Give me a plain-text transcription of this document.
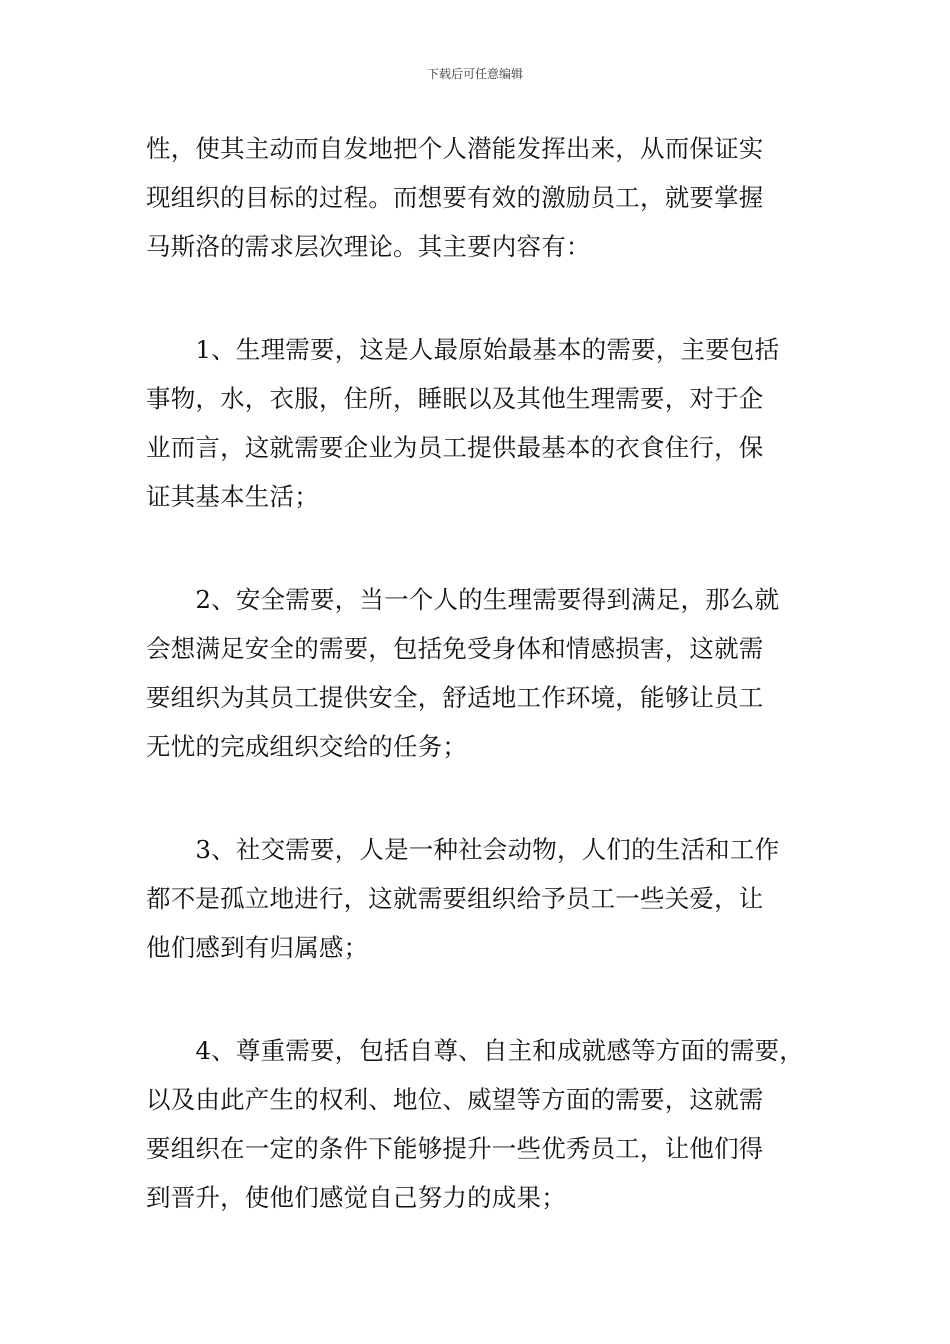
下载后可任意编辑
性，使其主动而自发地把个人潜能发挥出来，从而保证实
现组织的目标的过程。而想要有效的激励员工，就要掌握
马斯洛的需求层次理论。其主要内容有：
　　1、生理需要，这是人最原始最基本的需要，主要包括
事物，水，衣服，住所，睡眠以及其他生理需要，对于企
业而言，这就需要企业为员工提供最基本的衣食住行，保
证其基本生活；
　　2、安全需要，当一个人的生理需要得到满足，那么就
会想满足安全的需要，包括免受身体和情感损害，这就需
要组织为其员工提供安全，舒适地工作环境，能够让员工
无忧的完成组织交给的任务；
　　3、社交需要，人是一种社会动物，人们的生活和工作
都不是孤立地进行，这就需要组织给予员工一些关爱，让
他们感到有归属感；
　　4、尊重需要，包括自尊、自主和成就感等方面的需要，
以及由此产生的权利、地位、威望等方面的需要，这就需
要组织在一定的条件下能够提升一些优秀员工，让他们得
到晋升，使他们感觉自己努力的成果；
